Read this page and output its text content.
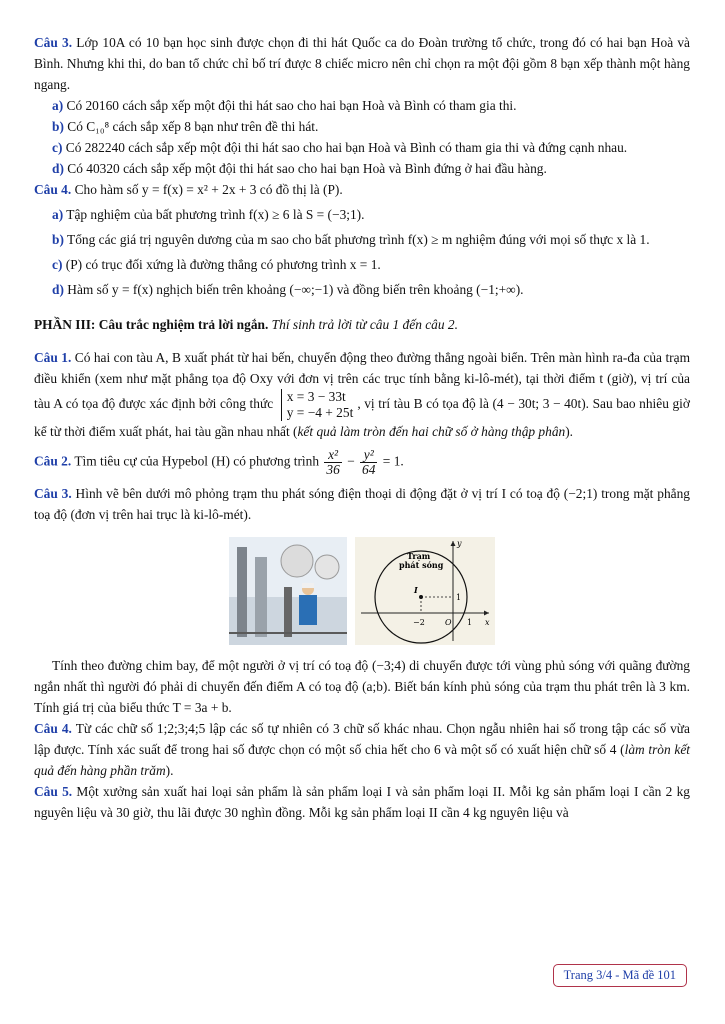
Câu 3. Lớp 10A có 10 bạn học sinh được chọn đi thi hát Quốc ca do Đoàn trường tổ chức, trong đó có hai bạn Hoà và Bình. Nhưng khi thi, do ban tổ chức chỉ bố trí được 8 chiếc micro nên chỉ chọn ra một đội gồm 8 bạn xếp thành một hàng ngang.

a) Có 20160 cách sắp xếp một đội thi hát sao cho hai bạn Hoà và Bình có tham gia thi.

b) Có C₁₀⁸ cách sắp xếp 8 bạn như trên đề thi hát.

c) Có 282240 cách sắp xếp một đội thi hát sao cho hai bạn Hoà và Bình có tham gia thi và đứng cạnh nhau.

d) Có 40320 cách sắp xếp một đội thi hát sao cho hai bạn Hoà và Bình đứng ở hai đầu hàng.

Câu 4. Cho hàm số y = f(x) = x² + 2x + 3 có đồ thị là (P).

a) Tập nghiệm của bất phương trình f(x) ≥ 6 là S = (−3;1).

b) Tổng các giá trị nguyên dương của m sao cho bất phương trình f(x) ≥ m nghiệm đúng với mọi số thực x là 1.

c) (P) có trục đối xứng là đường thẳng có phương trình x = 1.

d) Hàm số y = f(x) nghịch biến trên khoảng (−∞;−1) và đồng biến trên khoảng (−1;+∞).

PHẦN III: Câu trắc nghiệm trả lời ngắn. Thí sinh trả lời từ câu 1 đến câu 2.

Câu 1. Có hai con tàu A, B xuất phát từ hai bến, chuyển động theo đường thẳng ngoài biển. Trên màn hình ra-đa của trạm điều khiển (xem như mặt phẳng tọa độ Oxy với đơn vị trên các trục tính bằng ki-lô-mét), tại thời điểm t (giờ), vị trí của tàu A có tọa độ được xác định bởi công thức x = 3 − 33t
y = −4 + 25t
, vị trí tàu B có tọa độ là (4 − 30t; 3 − 40t). Sau bao nhiêu giờ kể từ thời điểm xuất phát, hai tàu gần nhau nhất (kết quả làm tròn đến hai chữ số ở hàng thập phân).

Câu 2. Tìm tiêu cự của Hypebol (H) có phương trình $\frac{\text{x²}}{36} - \frac{\text{y²}}{64} = 1$.

Câu 3. Hình vẽ bên dưới mô phỏng trạm thu phát sóng điện thoại di động đặt ở vị trí I có toạ độ (−2;1) trong mặt phẳng toạ độ (đơn vị trên hai trục là ki-lô-mét).

Trạm
phát sóng
I
y
x
−2	O 1
1

Tính theo đường chim bay, để một người ở vị trí có toạ độ (−3;4) di chuyển được tới vùng phủ sóng với quãng đường ngắn nhất thì người đó phải di chuyển đến điểm A có toạ độ (a;b). Biết bán kính phủ sóng của trạm thu phát trên là 3 km. Tính giá trị của biểu thức T = 3a + b.

Câu 4. Từ các chữ số 1;2;3;4;5 lập các số tự nhiên có 3 chữ số khác nhau. Chọn ngẫu nhiên hai số trong tập các số vừa lập được. Tính xác suất để trong hai số được chọn có một số chia hết cho 6 và một số có xuất hiện chữ số 4 (làm tròn kết quả đến hàng phần trăm).

Câu 5. Một xưởng sản xuất hai loại sản phẩm là sản phẩm loại I và sản phẩm loại II. Mỗi kg sản phẩm loại I cần 2 kg nguyên liệu và 30 giờ, thu lãi được 30 nghìn đồng. Mỗi kg sản phẩm loại II cần 4 kg nguyên liệu và

Trang 3/4 - Mã đề 101
